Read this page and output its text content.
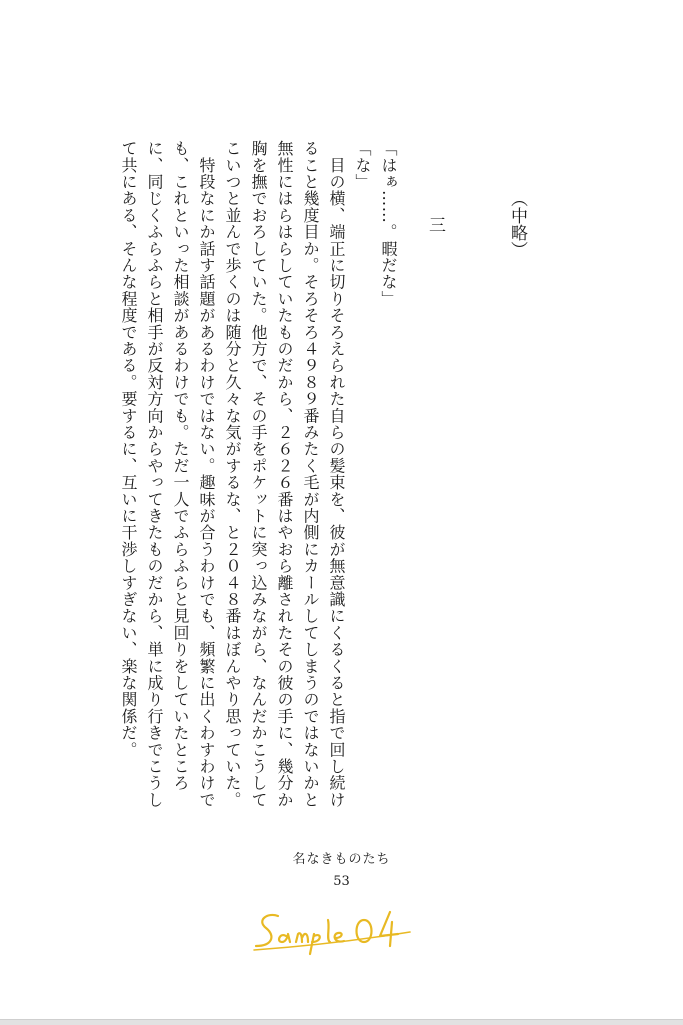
（中略）
三
「はぁ……。暇だな」
「な」
　目の横、端正に切りそろえられた自らの髪束を、彼が無意識にくるくると指で回し続け
ること幾度目か。そろそろ４９８９番みたく毛が内側にカールしてしまうのではないかと
無性にはらはらしていたものだから、２６２６番はやおら離されたその彼の手に、幾分か
胸を撫でおろしていた。他方で、その手をポケットに突っ込みながら、なんだかこうして
こいつと並んで歩くのは随分と久々な気がするな、と２０４８番はぼんやり思っていた。
　特段なにか話す話題があるわけではない。趣味が合うわけでも、頻繁に出くわすわけで
も、これといった相談があるわけでも。ただ一人でふらふらと見回りをしていたところ
に、同じくふらふらと相手が反対方向からやってきたものだから、単に成り行きでこうし
て共にある、そんな程度である。要するに、互いに干渉しすぎない、楽な関係だ。
名なきものたち
53
